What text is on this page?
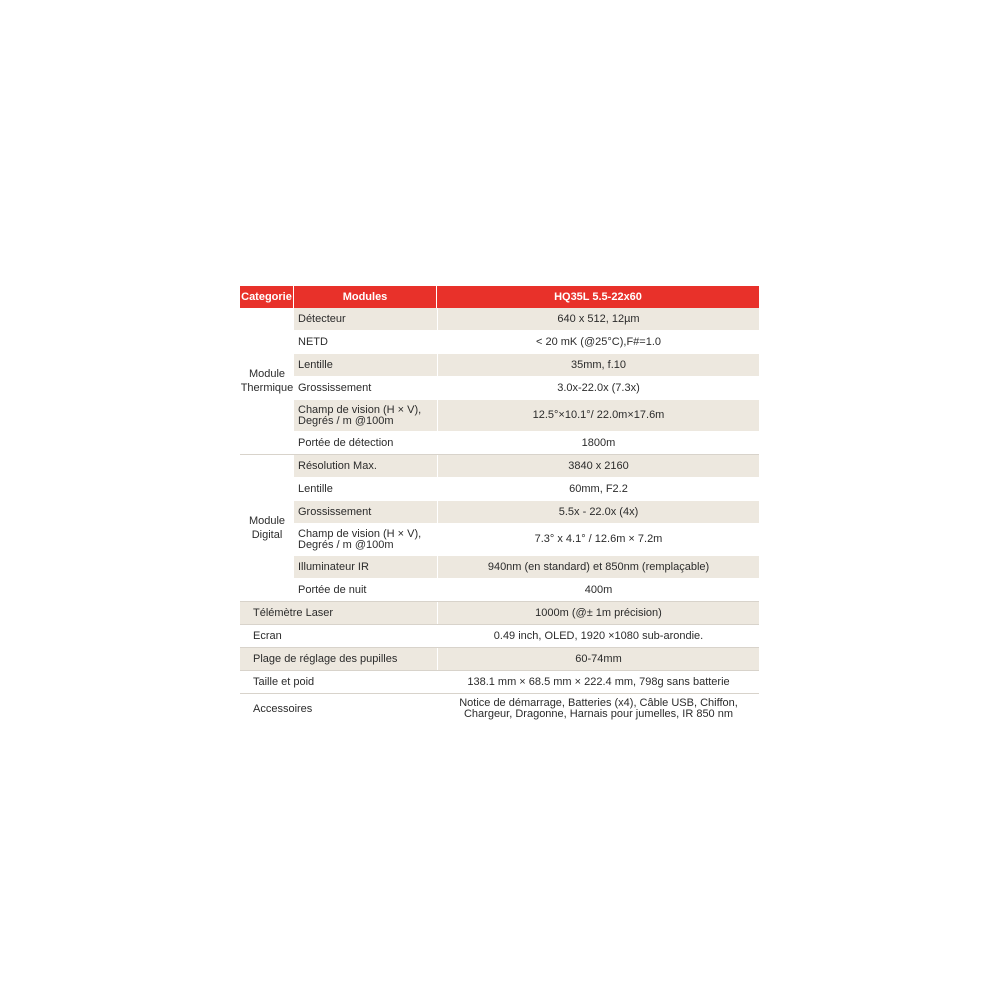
Categorie	Modules	HQ35L 5.5-22x60
Module
Thermique
Détecteur	640 x 512, 12µm
NETD	< 20 mK (@25°C),F#=1.0
Lentille	35mm, f.10
Grossissement	3.0x-22.0x (7.3x)
Champ de vision (H × V),
Degrés / m @100m	12.5°×10.1°/ 22.0m×17.6m
Portée de détection	1800m
Module
Digital
Résolution Max.	3840 x 2160
Lentille	60mm, F2.2
Grossissement	5.5x - 22.0x (4x)
Champ de vision (H × V),
Degrés / m @100m	7.3° x 4.1° / 12.6m × 7.2m
Illuminateur IR	940nm (en standard) et 850nm (remplaçable)
Portée de nuit	400m
Télémètre Laser	1000m (@± 1m précision)
Ecran	0.49 inch, OLED, 1920 ×1080 sub-arondie.
Plage de réglage des pupilles	60-74mm
Taille et poid	138.1 mm × 68.5 mm × 222.4 mm, 798g sans batterie
Accessoires	Notice de démarrage, Batteries (x4), Câble USB, Chiffon,
Chargeur, Dragonne, Harnais pour jumelles, IR 850 nm
